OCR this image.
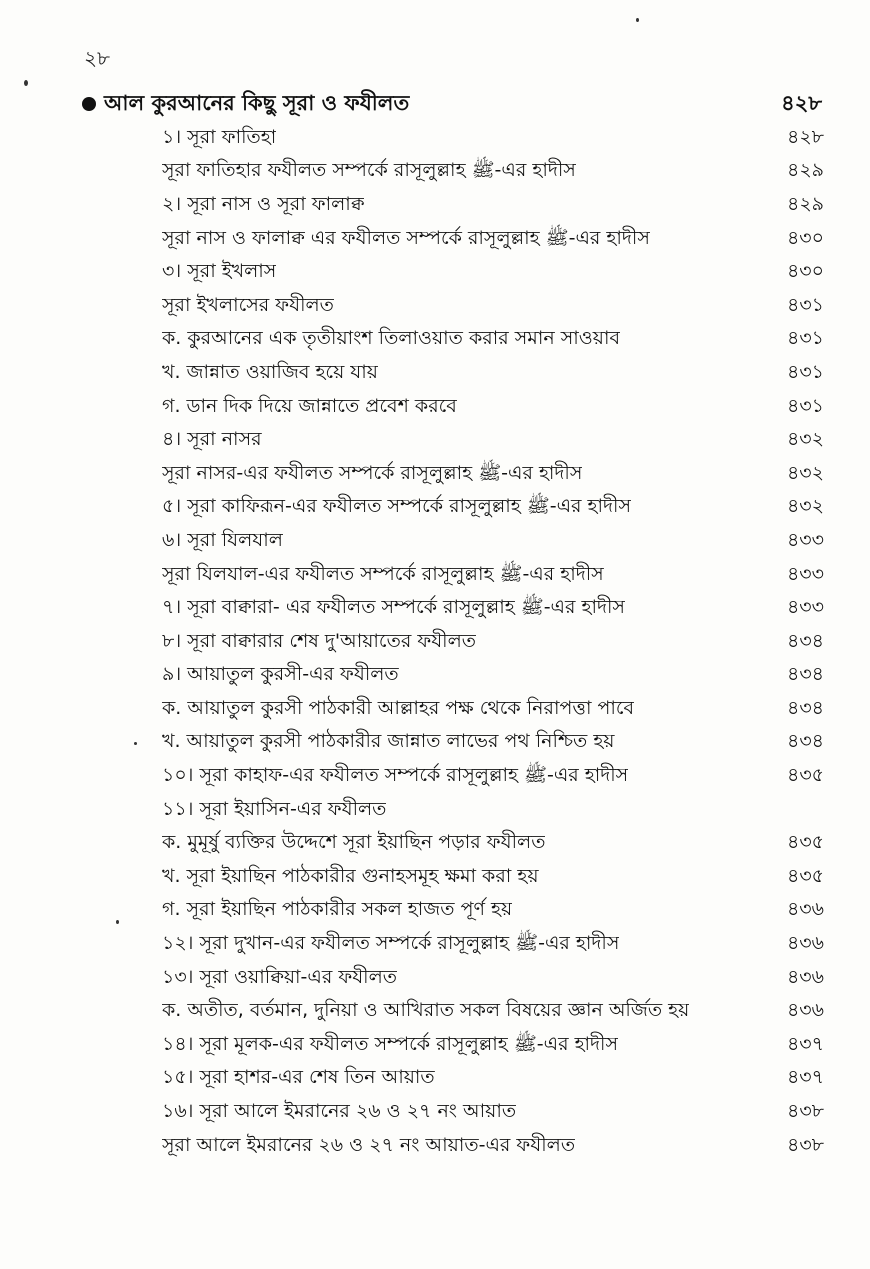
২৮
আল কুরআনের কিছু সূরা ও ফযীলত	৪২৮
১। সূরা ফাতিহা	৪২৮
সূরা ফাতিহার ফযীলত সম্পর্কে রাসূলুল্লাহ ﷺ-এর হাদীস	৪২৯
২। সূরা নাস ও সূরা ফালাক্ব	৪২৯
সূরা নাস ও ফালাক্ব এর ফযীলত সম্পর্কে রাসূলুল্লাহ ﷺ-এর হাদীস	৪৩০
৩। সূরা ইখলাস	৪৩০
সূরা ইখলাসের ফযীলত	৪৩১
ক. কুরআনের এক তৃতীয়াংশ তিলাওয়াত করার সমান সাওয়াব	৪৩১
খ. জান্নাত ওয়াজিব হয়ে যায়	৪৩১
গ. ডান দিক দিয়ে জান্নাতে প্রবেশ করবে	৪৩১
৪। সূরা নাসর	৪৩২
সূরা নাসর-এর ফযীলত সম্পর্কে রাসূলুল্লাহ ﷺ-এর হাদীস	৪৩২
৫। সূরা কাফিরূন-এর ফযীলত সম্পর্কে রাসূলুল্লাহ ﷺ-এর হাদীস	৪৩২
৬। সূরা যিলযাল	৪৩৩
সূরা যিলযাল-এর ফযীলত সম্পর্কে রাসূলুল্লাহ ﷺ-এর হাদীস	৪৩৩
৭। সূরা বাক্বারা- এর ফযীলত সম্পর্কে রাসূলুল্লাহ ﷺ-এর হাদীস	৪৩৩
৮। সূরা বাক্বারার শেষ দু'আয়াতের ফযীলত	৪৩৪
৯। আয়াতুল কুরসী-এর ফযীলত	৪৩৪
ক. আয়াতুল কুরসী পাঠকারী আল্লাহর পক্ষ থেকে নিরাপত্তা পাবে	৪৩৪
খ. আয়াতুল কুরসী পাঠকারীর জান্নাত লাভের পথ নিশ্চিত হয়	৪৩৪
১০। সূরা কাহাফ-এর ফযীলত সম্পর্কে রাসূলুল্লাহ ﷺ-এর হাদীস	৪৩৫
১১। সূরা ইয়াসিন-এর ফযীলত
ক. মুমূর্ষু ব্যক্তির উদ্দেশে সূরা ইয়াছিন পড়ার ফযীলত	৪৩৫
খ. সূরা ইয়াছিন পাঠকারীর গুনাহসমূহ ক্ষমা করা হয়	৪৩৫
গ. সূরা ইয়াছিন পাঠকারীর সকল হাজত পূর্ণ হয়	৪৩৬
১২। সূরা দুখান-এর ফযীলত সম্পর্কে রাসূলুল্লাহ ﷺ-এর হাদীস	৪৩৬
১৩। সূরা ওয়াক্বিয়া-এর ফযীলত	৪৩৬
ক. অতীত, বর্তমান, দুনিয়া ও আখিরাত সকল বিষয়ের জ্ঞান অর্জিত হয়	৪৩৬
১৪। সূরা মূলক-এর ফযীলত সম্পর্কে রাসূলুল্লাহ ﷺ-এর হাদীস	৪৩৭
১৫। সূরা হাশর-এর শেষ তিন আয়াত	৪৩৭
১৬। সূরা আলে ইমরানের ২৬ ও ২৭ নং আয়াত	৪৩৮
সূরা আলে ইমরানের ২৬ ও ২৭ নং আয়াত-এর ফযীলত	৪৩৮
